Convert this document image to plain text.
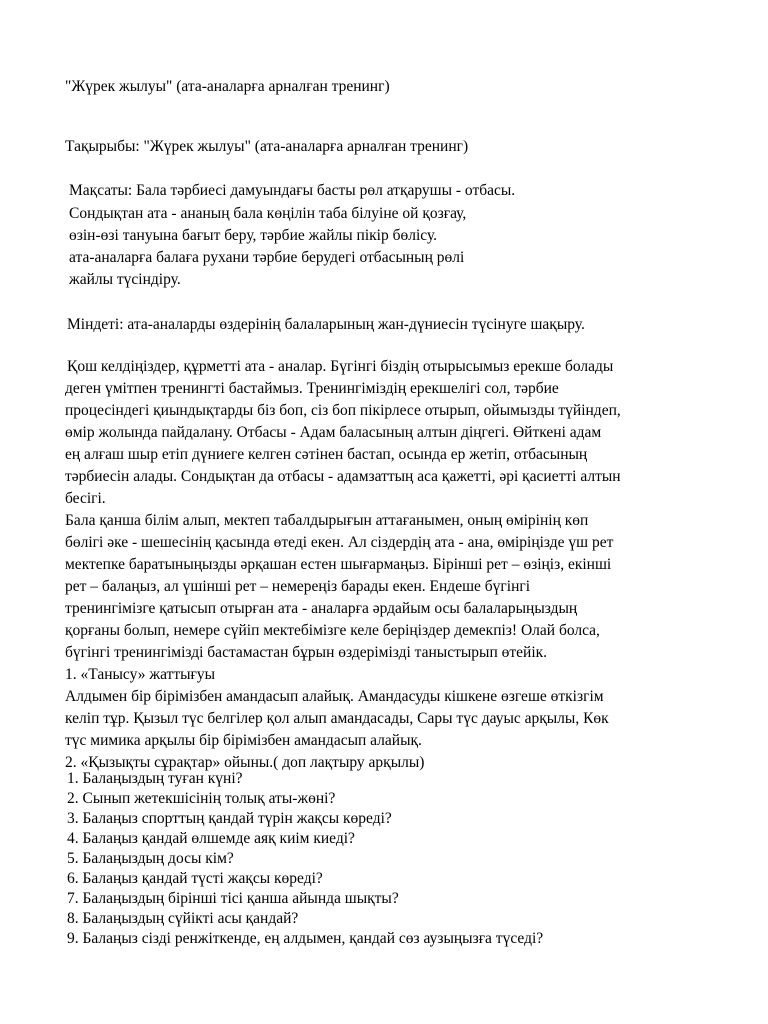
"Жүрек жылуы" (ата-аналарға арналған тренинг)
Тақырыбы: "Жүрек жылуы" (ата-аналарға арналған тренинг)
Мақсаты: Бала тәрбиесі дамуындағы басты рөл атқарушы - отбасы.
Сондықтан ата - ананың бала көңілін таба білуіне ой қозғау,
өзін-өзі тануына бағыт беру, тәрбие жайлы пікір бөлісу.
ата-аналарға балаға рухани тәрбие берудегі отбасының рөлі
жайлы түсіндіру.
Міндеті: ата-аналарды өздерінің балаларының жан-дүниесін түсінуге шақыру.
Қош келдіңіздер, құрметті ата - аналар. Бүгінгі біздің отырысымыз ерекше болады
деген үмітпен тренингті бастаймыз. Тренингіміздің ерекшелігі сол, тәрбие
процесіндегі қиындықтарды біз боп, сіз боп пікірлесе отырып, ойымызды түйіндеп,
өмір жолында пайдалану. Отбасы - Адам баласының алтын діңгегі. Өйткені адам
ең алғаш шыр етіп дүниеге келген сәтінен бастап, осында ер жетіп, отбасының
тәрбиесін алады. Сондықтан да отбасы - адамзаттың аса қажетті, әрі қасиетті алтын
бесігі.
Бала қанша білім алып, мектеп табалдырығын аттағанымен, оның өмірінің көп
бөлігі әке - шешесінің қасында өтеді екен. Ал сіздердің ата - ана, өміріңізде үш рет
мектепке баратыныңызды әрқашан естен шығармаңыз. Бірінші рет – өзіңіз, екінші
рет – балаңыз, ал үшінші рет – немереңіз барады екен. Ендеше бүгінгі
тренингімізге қатысып отырған ата - аналарға әрдайым осы балаларыңыздың
қорғаны болып, немере сүйіп мектебімізге келе беріңіздер демекпіз! Олай болса,
бүгінгі тренингімізді бастамастан бұрын өздерімізді таныстырып өтейік.
1. «Танысу» жаттығуы
Алдымен бір бірімізбен амандасып алайық. Амандасуды кішкене өзгеше өткізгім
келіп тұр. Қызыл түс белгілер қол алып амандасады, Сары түс дауыс арқылы, Көк
түс мимика арқылы бір бірімізбен амандасып алайық.
2. «Қызықты сұрақтар» ойыны.( доп лақтыру арқылы)
1. Балаңыздың туған күні?
2. Сынып жетекшісінің толық аты-жөні?
3. Балаңыз спорттың қандай түрін жақсы көреді?
4. Балаңыз қандай өлшемде аяқ киім киеді?
5. Балаңыздың досы кім?
6. Балаңыз қандай түсті жақсы көреді?
7. Балаңыздың бірінші тісі қанша айында шықты?
8. Балаңыздың сүйікті асы қандай?
9. Балаңыз сізді ренжіткенде, ең алдымен, қандай сөз аузыңызға түседі?
